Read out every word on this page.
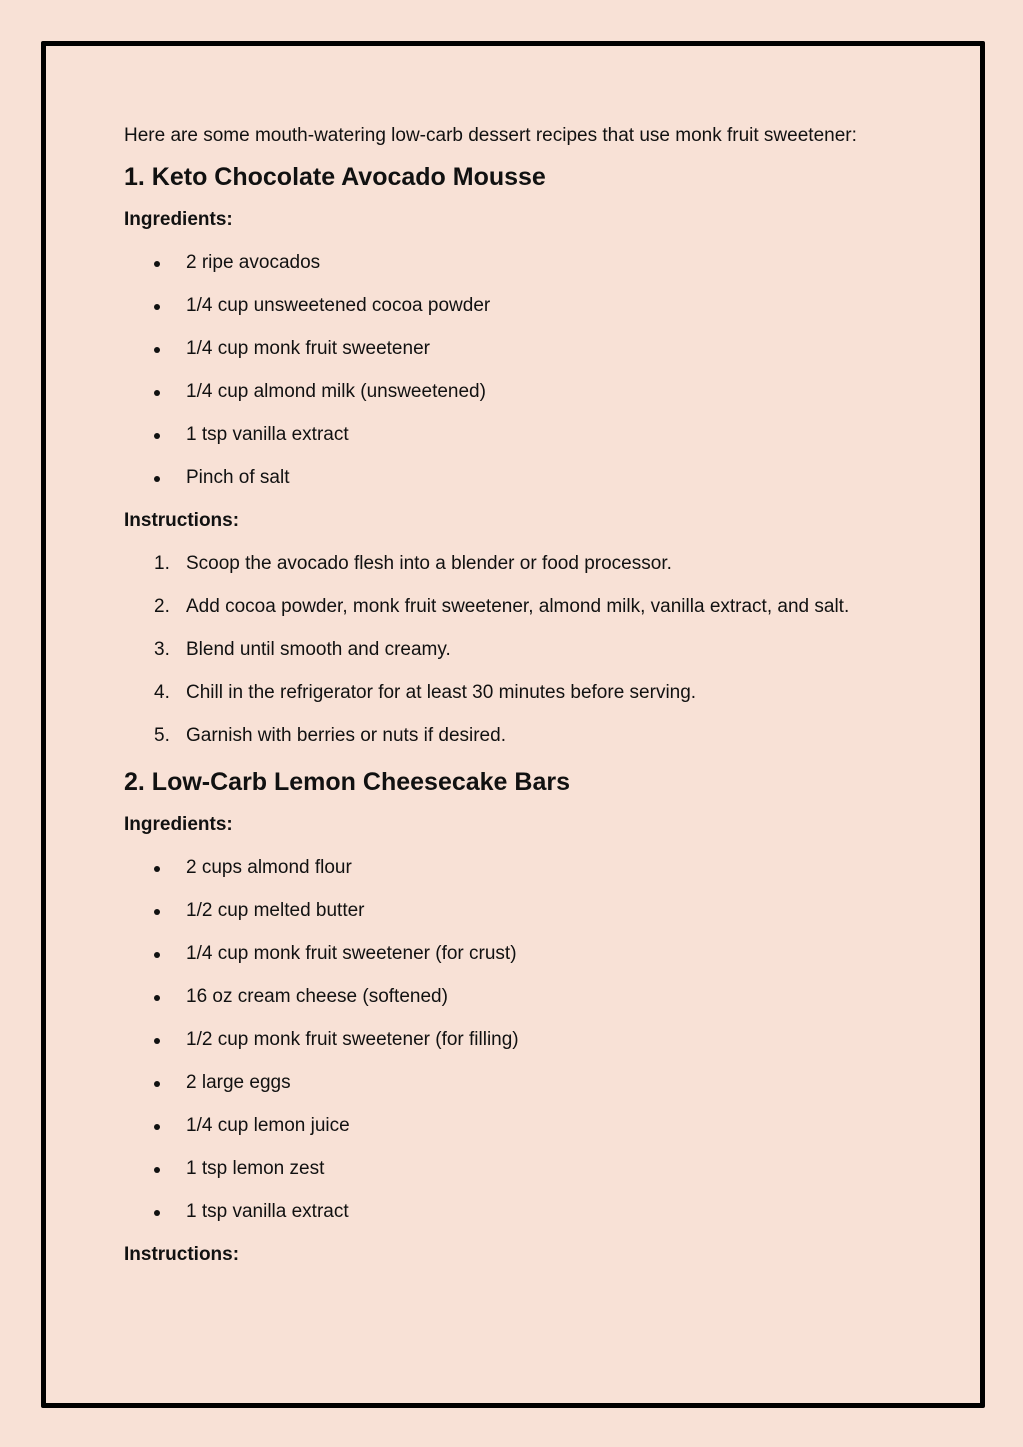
Here are some mouth-watering low-carb dessert recipes that use monk fruit sweetener:

1. Keto Chocolate Avocado Mousse
Ingredients:
2 ripe avocados
1/4 cup unsweetened cocoa powder
1/4 cup monk fruit sweetener
1/4 cup almond milk (unsweetened)
1 tsp vanilla extract
Pinch of salt
Instructions:
1. Scoop the avocado flesh into a blender or food processor.
2. Add cocoa powder, monk fruit sweetener, almond milk, vanilla extract, and salt.
3. Blend until smooth and creamy.
4. Chill in the refrigerator for at least 30 minutes before serving.
5. Garnish with berries or nuts if desired.
2. Low-Carb Lemon Cheesecake Bars
Ingredients:
2 cups almond flour
1/2 cup melted butter
1/4 cup monk fruit sweetener (for crust)
16 oz cream cheese (softened)
1/2 cup monk fruit sweetener (for filling)
2 large eggs
1/4 cup lemon juice
1 tsp lemon zest
1 tsp vanilla extract
Instructions:
